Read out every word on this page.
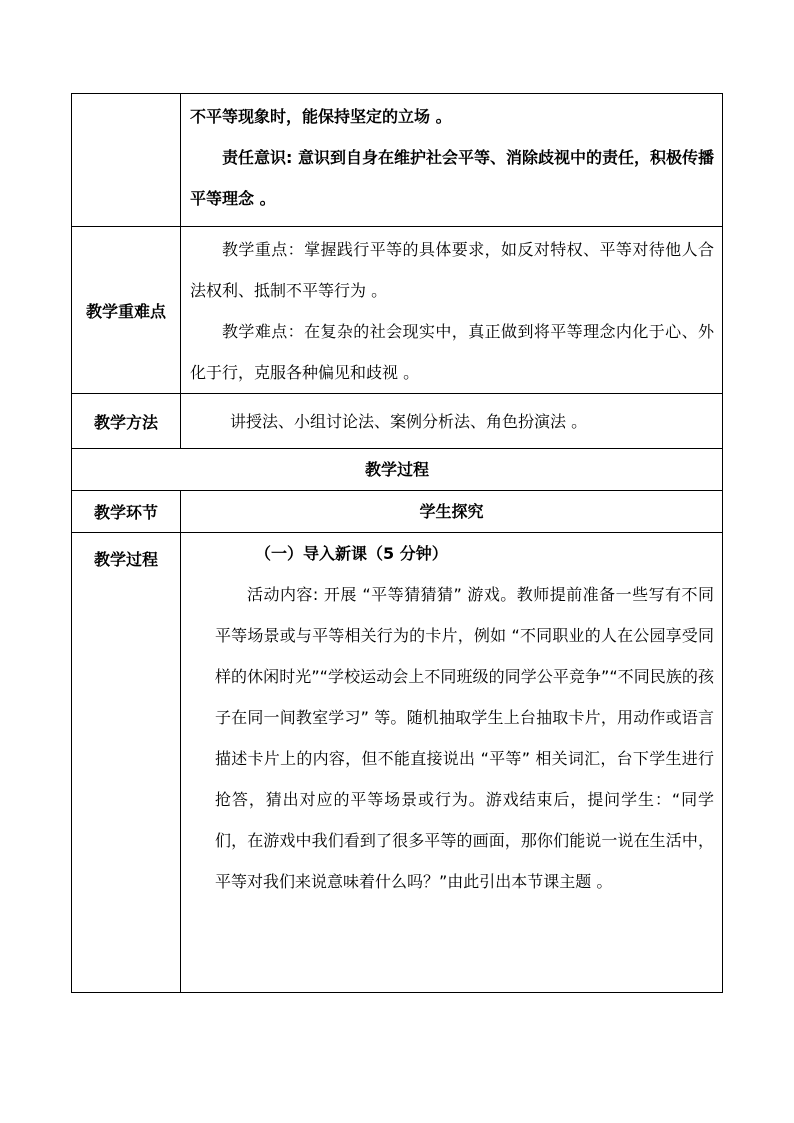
	不平等现象时，能保持坚定的立场 。

责任意识: 意识到自身在维护社会平等、消除歧视中的责任，积极传播平等理念 。

教学重难点	教学重点：掌握践行平等的具体要求，如反对特权、平等对待他人合法权利、抵制不平等行为 。

教学难点：在复杂的社会现实中，真正做到将平等理念内化于心、外化于行，克服各种偏见和歧视 。

教学方法	讲授法、小组讨论法、案例分析法、角色扮演法 。

教学过程	

教学环节	学生探究

教学过程	（一）导入新课（5 分钟）

活动内容: 开展 “平等猜猜猜” 游戏。教师提前准备一些写有不同平等场景或与平等相关行为的卡片，例如 “不同职业的人在公园享受同样的休闲时光”“学校运动会上不同班级的同学公平竞争”“不同民族的孩子在同一间教室学习” 等。随机抽取学生上台抽取卡片，用动作或语言描述卡片上的内容，但不能直接说出 “平等” 相关词汇，台下学生进行抢答，猜出对应的平等场景或行为。游戏结束后，提问学生：“同学们，在游戏中我们看到了很多平等的画面，那你们能说一说在生活中，平等对我们来说意味着什么吗？”由此引出本节课主题 。
